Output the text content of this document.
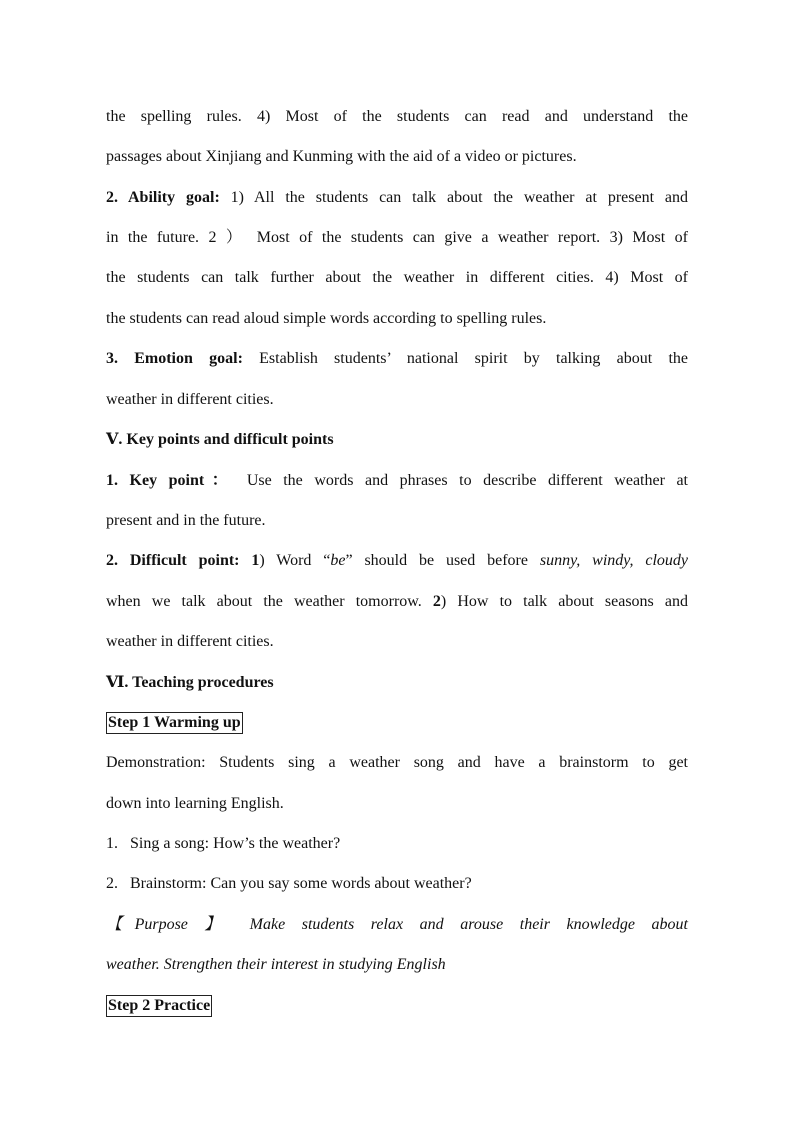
the spelling rules. 4) Most of the students can read and understand the
passages about Xinjiang and Kunming with the aid of a video or pictures.
2. Ability goal: 1) All the students can talk about the weather at present and
in the future. 2 ） Most of the students can give a weather report. 3) Most of
the students can talk further about the weather in different cities. 4) Most of
the students can read aloud simple words according to spelling rules.
3. Emotion goal: Establish students’ national spirit by talking about the
weather in different cities.
Ⅴ. Key points and difficult points
1. Key point： Use the words and phrases to describe different weather at
present and in the future.
2. Difficult point: 1) Word “be” should be used before sunny, windy, cloudy
when we talk about the weather tomorrow. 2) How to talk about seasons and
weather in different cities.
Ⅵ. Teaching procedures
Step 1 Warming up
Demonstration: Students sing a weather song and have a brainstorm to get
down into learning English.
1. Sing a song: How’s the weather?
2. Brainstorm: Can you say some words about weather?
【Purpose 】 Make students relax and arouse their knowledge about
weather. Strengthen their interest in studying English
Step 2 Practice
